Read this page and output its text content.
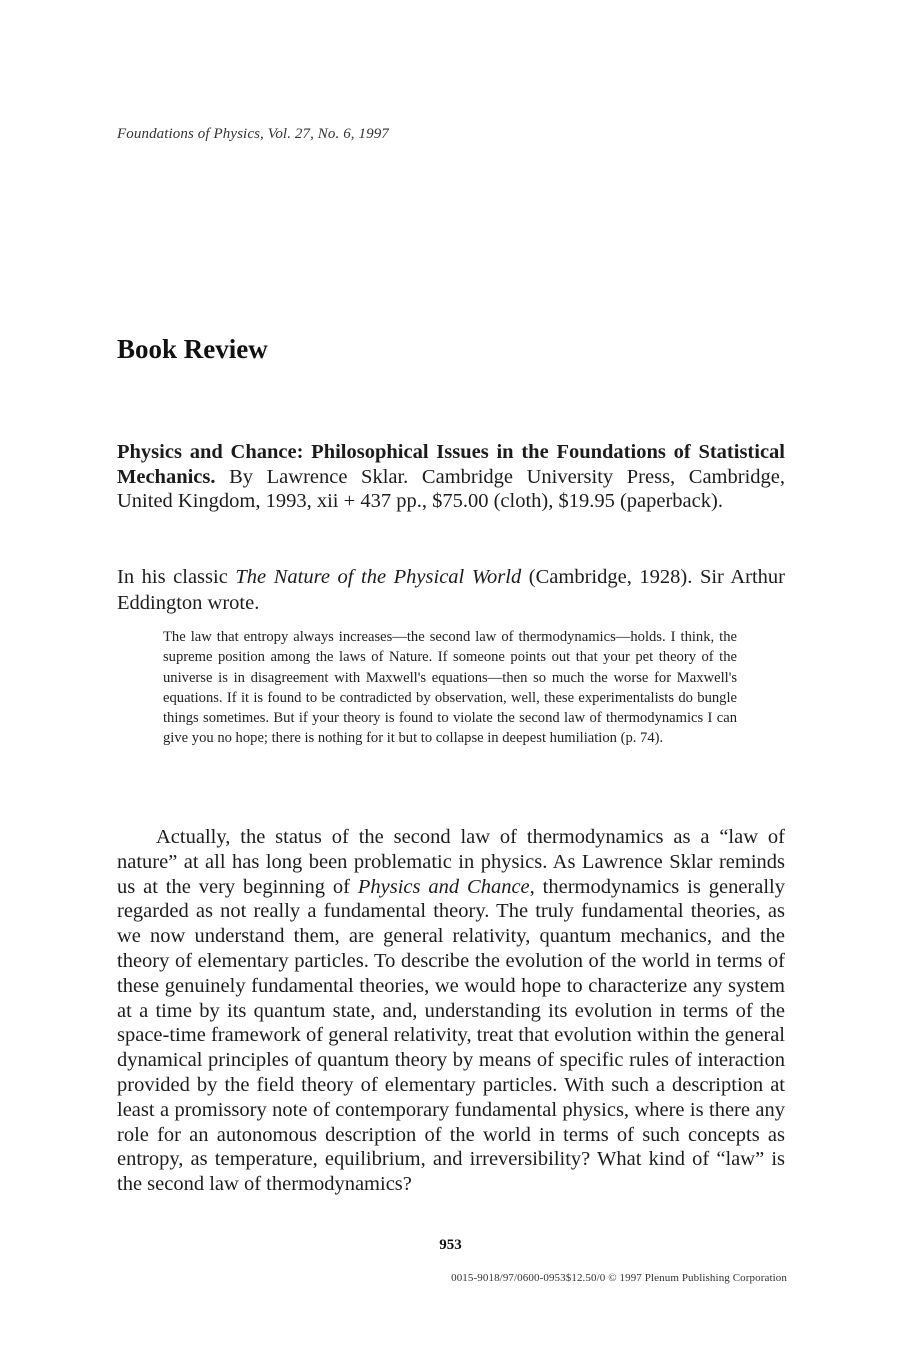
Foundations of Physics, Vol. 27, No. 6, 1997
Book Review

Physics and Chance: Philosophical Issues in the Foundations of Statistical Mechanics. By Lawrence Sklar. Cambridge University Press, Cambridge, United Kingdom, 1993, xii + 437 pp., $75.00 (cloth), $19.95 (paperback).

In his classic The Nature of the Physical World (Cambridge, 1928). Sir Arthur Eddington wrote.

The law that entropy always increases—the second law of thermodynamics—holds. I think, the supreme position among the laws of Nature. If someone points out that your pet theory of the universe is in disagreement with Maxwell's equations—then so much the worse for Maxwell's equations. If it is found to be contradicted by observation, well, these experimentalists do bungle things sometimes. But if your theory is found to violate the second law of thermodynamics I can give you no hope; there is nothing for it but to collapse in deepest humiliation (p. 74).

Actually, the status of the second law of thermodynamics as a “law of nature” at all has long been problematic in physics. As Lawrence Sklar reminds us at the very beginning of Physics and Chance, thermodynamics is generally regarded as not really a fundamental theory. The truly fundamental theories, as we now understand them, are general relativity, quantum mechanics, and the theory of elementary particles. To describe the evolution of the world in terms of these genuinely fundamental theories, we would hope to characterize any system at a time by its quantum state, and, understanding its evolution in terms of the space-time framework of general relativity, treat that evolution within the general dynamical principles of quantum theory by means of specific rules of interaction provided by the field theory of elementary particles. With such a description at least a promissory note of contemporary fundamental physics, where is there any role for an autonomous description of the world in terms of such concepts as entropy, as temperature, equilibrium, and irreversibility? What kind of “law” is the second law of thermodynamics?

953
0015-9018/97/0600-0953$12.50/0 © 1997 Plenum Publishing Corporation
